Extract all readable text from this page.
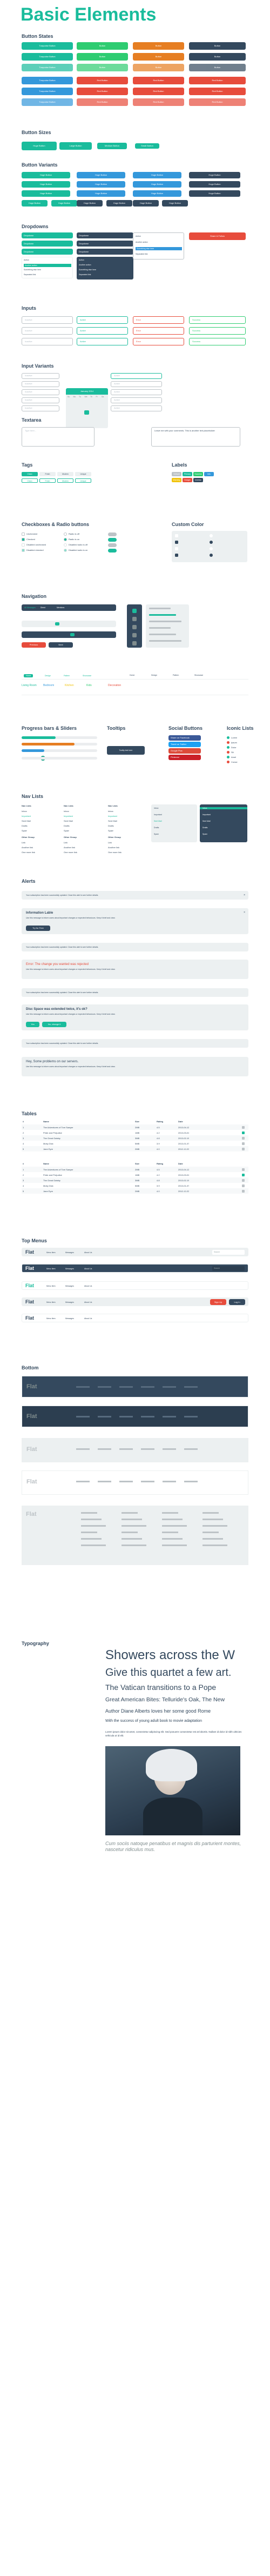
Basic Elements
Button States
Button Sizes
Button Variants
Dropdowns
Inputs
Input Variants
January 2014
Su Mo Tu We Th Fr Sa
Textarea
Type here...	Leave me with your comments. This is another text placeholder
Tags	Labels
Checkboxes & Radio buttons	Custom Color
Navigation
Progress bars & Sliders	Tooltips	Social Buttons	Iconic Lists
Nav Lists
Alerts
Tables
Top Menus
Bottom
Typography
Showers across the W
Give this quartet a few art.
The Vatican transitions to a Pope
Great American Bites: Telluride's Oak, The New
Author Diane Alberts loves her some good Rome
With the success of young adult book to movie adaptation
Lorem ipsum dolor sit amet, consectetur adipiscing elit. Sed posuere consectetur est at lobortis. Nullam id dolor id nibh ultricies vehicula ut id elit.
Cum sociis natoque penatibus et magnis dis parturient montes, nascetur ridiculus mus.
Turquoise Button	Button	Button	Button
Turquoise Button	Button	Button	Button
Turquoise Button	Button	Button	Button
Turquoise Button	Red Button	Red Button	Red Button
Turquoise Button	Red Button	Red Button	Red Button
Turquoise Button	Red Button	Red Button	Red Button
Huge Button	Large Button	Medium Button	Small Button
Huge Button	Huge Button	Huge Button	Huge Button
Huge Button	Huge Button	Huge Button	Huge Button
Huge Button	Huge Button	Huge Button	Huge Button
Huge Button	Huge Button	Huge Button	Huge Button	Huge Button	Huge Button
Dropdown	Dropdown
Dropdown	Dropdown
Dropdown	Dropdown
Action
Another action
Something else here
Separated link
Action
Another action
Something else here
Separated link
Action
Another action
Something else here
Separated link
Share & Follow
Inactive	Active	Error	Success
Inactive	Active	Error	Success
Inactive	Active	Error	Success
Inactive	Active
Inactive	Active
Inactive	Active
Inactive	Active
Inactive	Active
Clean	Fresh	Modern	Unique
Clean	Fresh	Modern	Unique
Default	Primary	Success	Info
Warning	Danger	Inverse
Unchecked
Checked
Disabled unchecked
Disabled checked
Radio is off
Radio is on
Disabled radio is off
Disabled radio is on
All Messages	Direct	Mentions
Previous	Next
Home	Design	Pattern	Showcase	Home	Design	Pattern	Showcase
Living Room Bedroom	Kitchen	Kids	Decoration
Tooltip text here
Share on Facebook
Tweet on Twitter
Google Plus
Pinterest
Lorem
Ipsum
Dolor
Sit
Amet
Conse
Nav Lists
Inbox
Important
Sent Mail
Drafts
Spam
Other Group
Link
Another link
One more link
Nav Lists
Inbox
Important
Sent Mail
Drafts
Spam
Other Group
Link
Another link
One more link
Nav Lists
Inbox
Important
Sent Mail
Drafts
Spam
Other Group
Link
Another link
One more link
Inbox
Important
Sent Mail
Drafts
Spam
Inbox
Important
Sent Mail
Drafts
Spam
Your subscription has been successfully updated. Close this alert to see further details.	×
Information Lable
Use this message to inform users about important changes or expected behaviours. Keep it brief and clear.
Try for Free
×
Your subscription has been successfully updated. Close this alert to see further details.
Error: The change you wanted was rejected
Use this message to inform users about important changes or expected behaviours. Keep it brief and clear.
Your subscription has been successfully updated. Close this alert to see further details.
Disc Space was extended twice, it's ok?
Use this message to inform users about important changes or expected behaviours. Keep it brief and clear.
Yes	No, change it
Your subscription has been successfully updated. Close this alert to see further details.
Hey, Some problems on our servers.
Use this message to inform users about important changes or expected behaviours. Keep it brief and clear.
#	Name	Size	Rating	Date
1	The Adventures of Tom Sawyer	2MB	4.5	2013-04-12
2	Pride and Prejudice	1MB	4.2	2013-03-01
3	The Great Gatsby	3MB	4.8	2013-02-19
4	Moby Dick	5MB	3.9	2013-01-07
5	Jane Eyre	2MB	4.0	2012-12-22
#	Name	Size	Rating	Date
1	The Adventures of Tom Sawyer	2MB	4.5	2013-04-12
2	Pride and Prejudice	1MB	4.2	2013-03-01
3	The Great Gatsby	3MB	4.8	2013-02-19
4	Moby Dick	5MB	3.9	2013-01-07
5	Jane Eyre	2MB	4.0	2012-12-22
Flat	Menu Item	Messages	About Us	Search
Flat	Menu Item	Messages	About Us	Search
Flat	Menu Item	Messages	About Us
Flat	Menu Item	Messages	About Us	Sign Up	Log In
Flat	Menu Item	Messages	About Us
Flat
Flat
Flat
Flat
Flat
